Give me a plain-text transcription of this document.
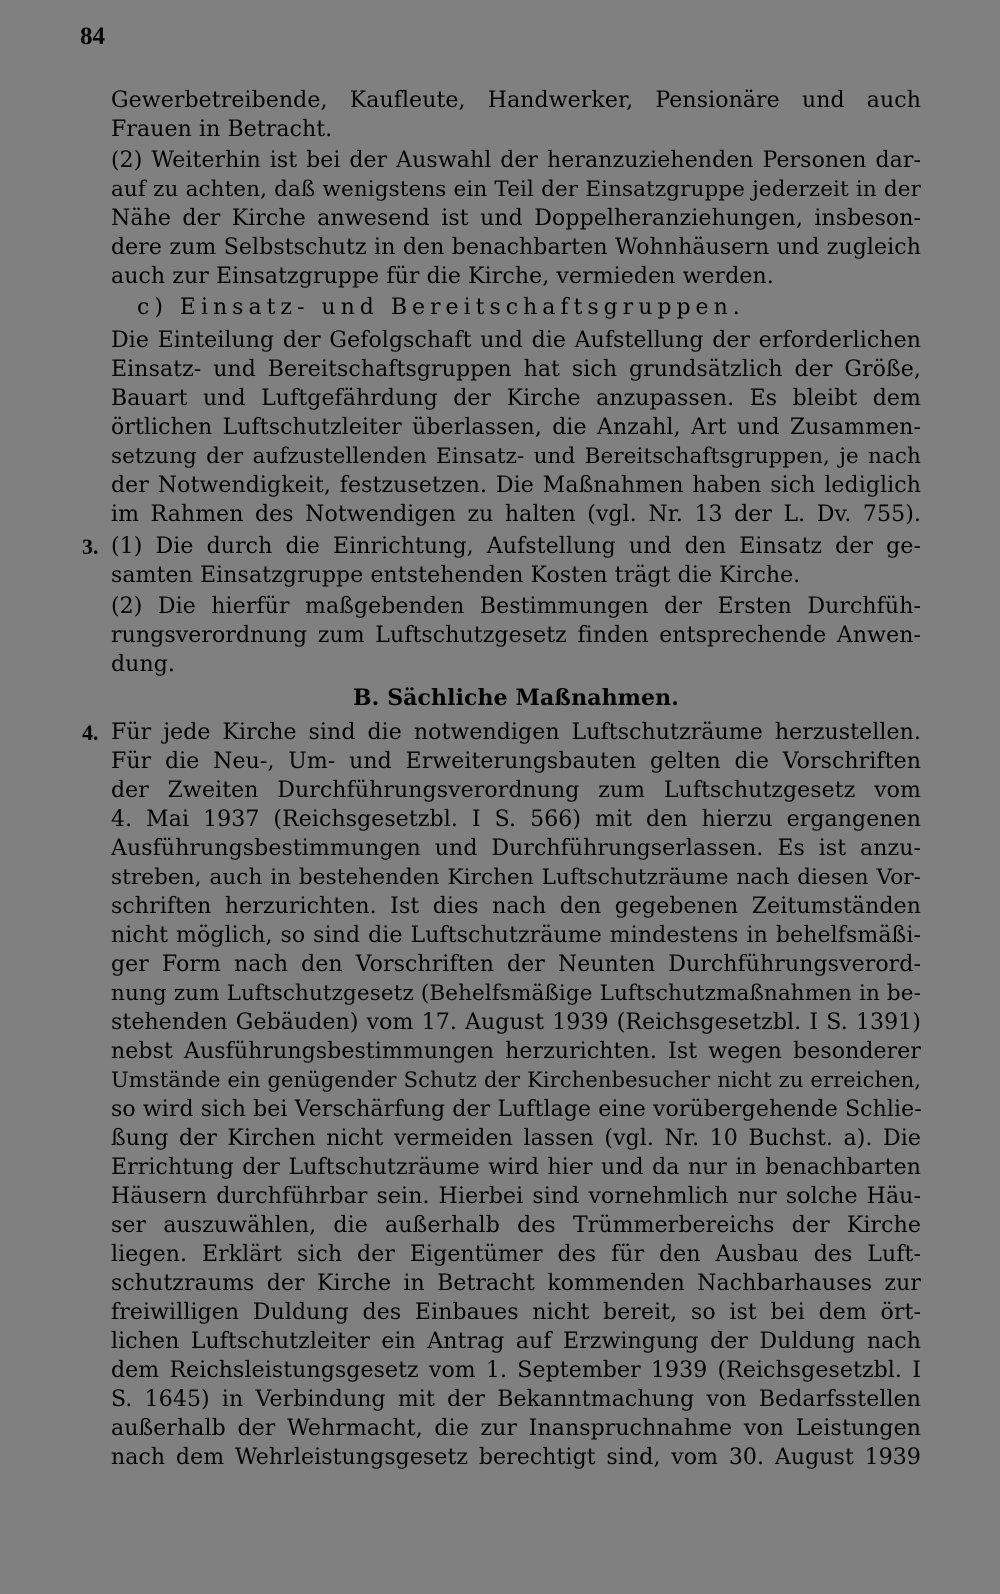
84
Gewerbetreibende, Kaufleute, Handwerker, Pensionäre und auch
Frauen in Betracht.
(2) Weiterhin ist bei der Auswahl der heranzuziehenden Personen dar-
auf zu achten, daß wenigstens ein Teil der Einsatzgruppe jederzeit in der
Nähe der Kirche anwesend ist und Doppelheranziehungen, insbeson-
dere zum Selbstschutz in den benachbarten Wohnhäusern und zugleich
auch zur Einsatzgruppe für die Kirche, vermieden werden.
c) Einsatz- und Bereitschaftsgruppen.
Die Einteilung der Gefolgschaft und die Aufstellung der erforderlichen
Einsatz- und Bereitschaftsgruppen hat sich grundsätzlich der Größe,
Bauart und Luftgefährdung der Kirche anzupassen. Es bleibt dem
örtlichen Luftschutzleiter überlassen, die Anzahl, Art und Zusammen-
setzung der aufzustellenden Einsatz- und Bereitschaftsgruppen, je nach
der Notwendigkeit, festzusetzen. Die Maßnahmen haben sich lediglich
im Rahmen des Notwendigen zu halten (vgl. Nr. 13 der L. Dv. 755).
3. (1) Die durch die Einrichtung, Aufstellung und den Einsatz der ge-
samten Einsatzgruppe entstehenden Kosten trägt die Kirche.
(2) Die hierfür maßgebenden Bestimmungen der Ersten Durchfüh-
rungsverordnung zum Luftschutzgesetz finden entsprechende Anwen-
dung.
B. Sächliche Maßnahmen.
4. Für jede Kirche sind die notwendigen Luftschutzräume herzustellen.
Für die Neu-, Um- und Erweiterungsbauten gelten die Vorschriften
der Zweiten Durchführungsverordnung zum Luftschutzgesetz vom
4. Mai 1937 (Reichsgesetzbl. I S. 566) mit den hierzu ergangenen
Ausführungsbestimmungen und Durchführungserlassen. Es ist anzu-
streben, auch in bestehenden Kirchen Luftschutzräume nach diesen Vor-
schriften herzurichten. Ist dies nach den gegebenen Zeitumständen
nicht möglich, so sind die Luftschutzräume mindestens in behelfsmäßi-
ger Form nach den Vorschriften der Neunten Durchführungsverord-
nung zum Luftschutzgesetz (Behelfsmäßige Luftschutzmaßnahmen in be-
stehenden Gebäuden) vom 17. August 1939 (Reichsgesetzbl. I S. 1391)
nebst Ausführungsbestimmungen herzurichten. Ist wegen besonderer
Umstände ein genügender Schutz der Kirchenbesucher nicht zu erreichen,
so wird sich bei Verschärfung der Luftlage eine vorübergehende Schlie-
ßung der Kirchen nicht vermeiden lassen (vgl. Nr. 10 Buchst. a). Die
Errichtung der Luftschutzräume wird hier und da nur in benachbarten
Häusern durchführbar sein. Hierbei sind vornehmlich nur solche Häu-
ser auszuwählen, die außerhalb des Trümmerbereichs der Kirche
liegen. Erklärt sich der Eigentümer des für den Ausbau des Luft-
schutzraums der Kirche in Betracht kommenden Nachbarhauses zur
freiwilligen Duldung des Einbaues nicht bereit, so ist bei dem ört-
lichen Luftschutzleiter ein Antrag auf Erzwingung der Duldung nach
dem Reichsleistungsgesetz vom 1. September 1939 (Reichsgesetzbl. I
S. 1645) in Verbindung mit der Bekanntmachung von Bedarfsstellen
außerhalb der Wehrmacht, die zur Inanspruchnahme von Leistungen
nach dem Wehrleistungsgesetz berechtigt sind, vom 30. August 1939
